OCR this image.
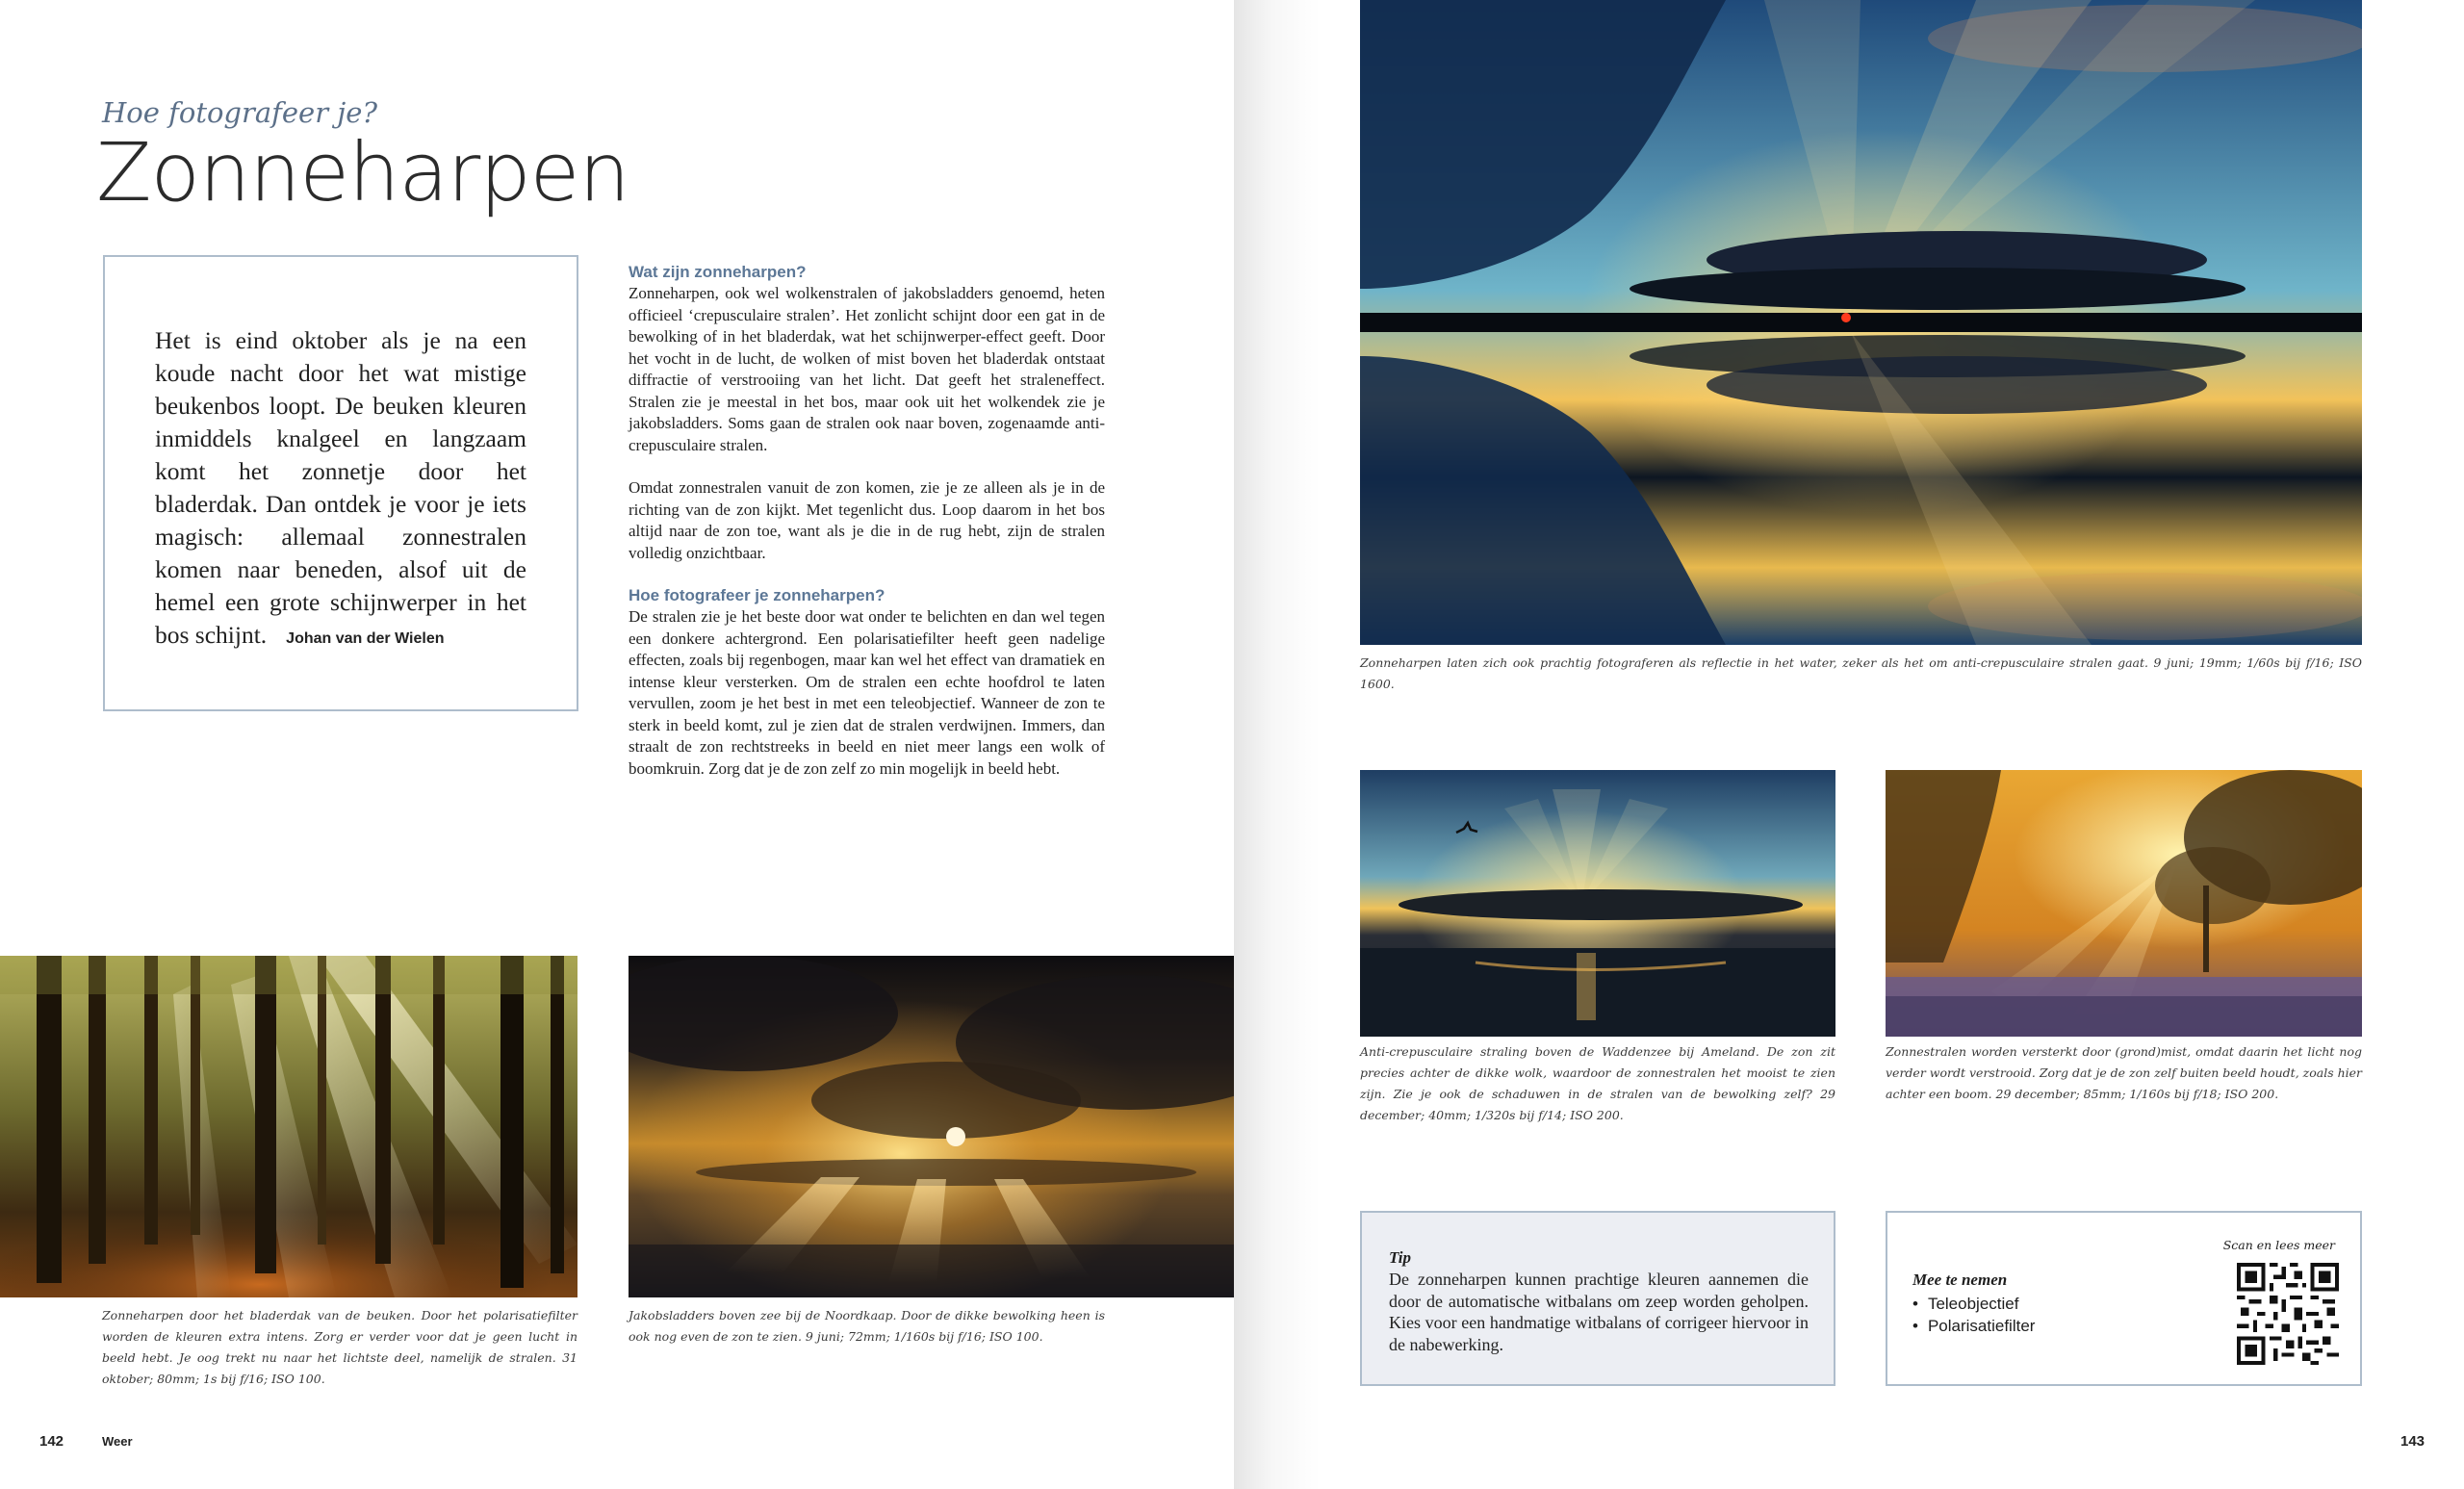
Hoe fotografeer je?
Zonneharpen

Het is eind oktober als je na een koude nacht door het wat mistige beukenbos loopt. De beuken kleuren inmiddels knalgeel en langzaam komt het zonnetje door het bladerdak. Dan ontdek je voor je iets magisch: allemaal zonnestralen komen naar beneden, alsof uit de hemel een grote schijnwerper in het bos schijnt. Johan van der Wielen

Wat zijn zonneharpen?

Zonneharpen, ook wel wolkenstralen of jakobsladders genoemd, heten officieel ‘crepusculaire stralen’. Het zonlicht schijnt door een gat in de bewolking of in het bladerdak, wat het schijnwerper-effect geeft. Door het vocht in de lucht, de wolken of mist boven het bladerdak ontstaat diffractie of verstrooiing van het licht. Dat geeft het straleneffect. Stralen zie je meestal in het bos, maar ook uit het wolkendek zie je jakobsladders. Soms gaan de stralen ook naar boven, zogenaamde anti-crepusculaire stralen.

Omdat zonnestralen vanuit de zon komen, zie je ze alleen als je in de richting van de zon kijkt. Met tegenlicht dus. Loop daarom in het bos altijd naar de zon toe, want als je die in de rug hebt, zijn de stralen volledig onzichtbaar.

Hoe fotografeer je zonneharpen?

De stralen zie je het beste door wat onder te belichten en dan wel tegen een donkere achtergrond. Een polarisatiefilter heeft geen nadelige effecten, zoals bij regenbogen, maar kan wel het effect van dramatiek en intense kleur versterken. Om de stralen een echte hoofdrol te laten vervullen, zoom je het best in met een teleobjectief. Wanneer de zon te sterk in beeld komt, zul je zien dat de stralen verdwijnen. Immers, dan straalt de zon rechtstreeks in beeld en niet meer langs een wolk of boomkruin. Zorg dat je de zon zelf zo min mogelijk in beeld hebt.

Zonneharpen door het bladerdak van de beuken. Door het polarisatiefilter worden de kleuren extra intens. Zorg er verder voor dat je geen lucht in beeld hebt. Je oog trekt nu naar het lichtste deel, namelijk de stralen. 31 oktober; 80mm; 1s bij f/16; ISO 100.

Jakobsladders boven zee bij de Noordkaap. Door de dikke bewolking heen is ook nog even de zon te zien. 9 juni; 72mm; 1/160s bij f/16; ISO 100.

142	Weer

Zonneharpen laten zich ook prachtig fotograferen als reflectie in het water, zeker als het om anti-crepusculaire stralen gaat. 9 juni; 19mm; 1/60s bij f/16; ISO 1600.

Anti-crepusculaire straling boven de Waddenzee bij Ameland. De zon zit precies achter de dikke wolk, waardoor de zonnestralen het mooist te zien zijn. Zie je ook de schaduwen in de stralen van de bewolking zelf? 29 december; 40mm; 1/320s bij f/14; ISO 200.

Zonnestralen worden versterkt door (grond)mist, omdat daarin het licht nog verder wordt verstrooid. Zorg dat je de zon zelf buiten beeld houdt, zoals hier achter een boom. 29 december; 85mm; 1/160s bij f/18; ISO 200.

Tip

De zonneharpen kunnen prachtige kleuren aannemen die door de automatische witbalans om zeep worden geholpen. Kies voor een handmatige witbalans of corrigeer hiervoor in de nabewerking.

Mee te nemen
• Teleobjectief
• Polarisatiefilter
Scan en lees meer
143
